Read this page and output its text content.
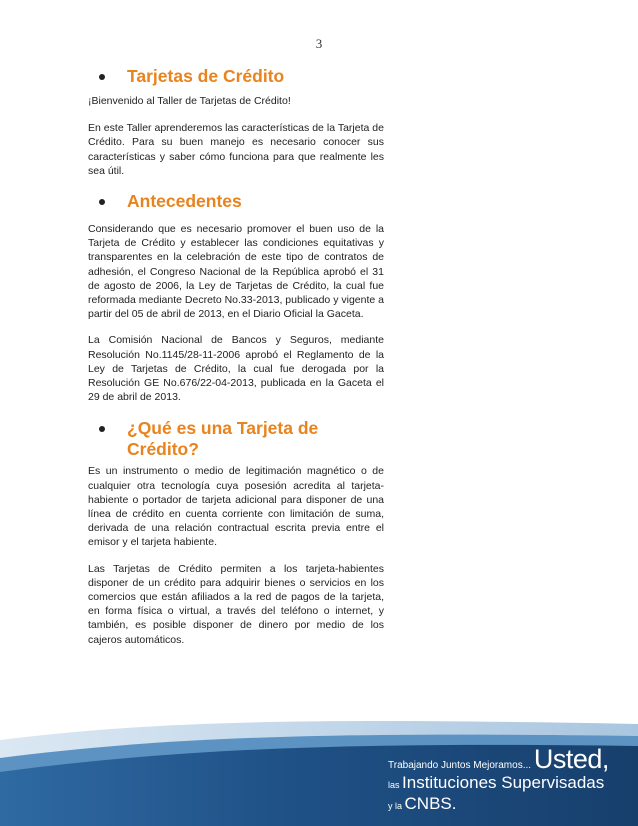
3
Tarjetas de Crédito

¡Bienvenido al Taller de Tarjetas de Crédito!

En este Taller aprenderemos las características de la Tarjeta de Crédito. Para su buen manejo es necesario conocer sus características y saber cómo funciona para que realmente les sea útil.

Antecedentes

Considerando que es necesario promover el buen uso de la Tarjeta de Crédito y establecer las condiciones equitativas y transparentes en la celebración de este tipo de contratos de adhesión, el Congreso Nacional de la República aprobó el 31 de agosto de 2006, la Ley de Tarjetas de Crédito, la cual fue reformada mediante Decreto No.33-2013, publicado y vigente a partir del 05 de abril de 2013, en el Diario Oficial la Gaceta.

La Comisión Nacional de Bancos y Seguros, mediante Resolución No.1145/28-11-2006 aprobó el Reglamento de la Ley de Tarjetas de Crédito, la cual fue derogada por la Resolución GE No.676/22-04-2013, publicada en la Gaceta el 29 de abril de 2013.

¿Qué es una Tarjeta de
Crédito?

Es un instrumento o medio de legitimación magnético o de cualquier otra tecnología cuya posesión acredita al tarjeta-habiente o portador de tarjeta adicional para disponer de una línea de crédito en cuenta corriente con limitación de suma, derivada de una relación contractual escrita previa entre el emisor y el tarjeta habiente.

Las Tarjetas de Crédito permiten a los tarjeta-habientes disponer de un crédito para adquirir bienes o servicios en los comercios que están afiliados a la red de pagos de la tarjeta, en forma física o virtual, a través del teléfono o internet, y también, es posible disponer de dinero por medio de los cajeros automáticos.

Trabajando Juntos Mejoramos... Usted,
las Instituciones Supervisadas
y la CNBS.
